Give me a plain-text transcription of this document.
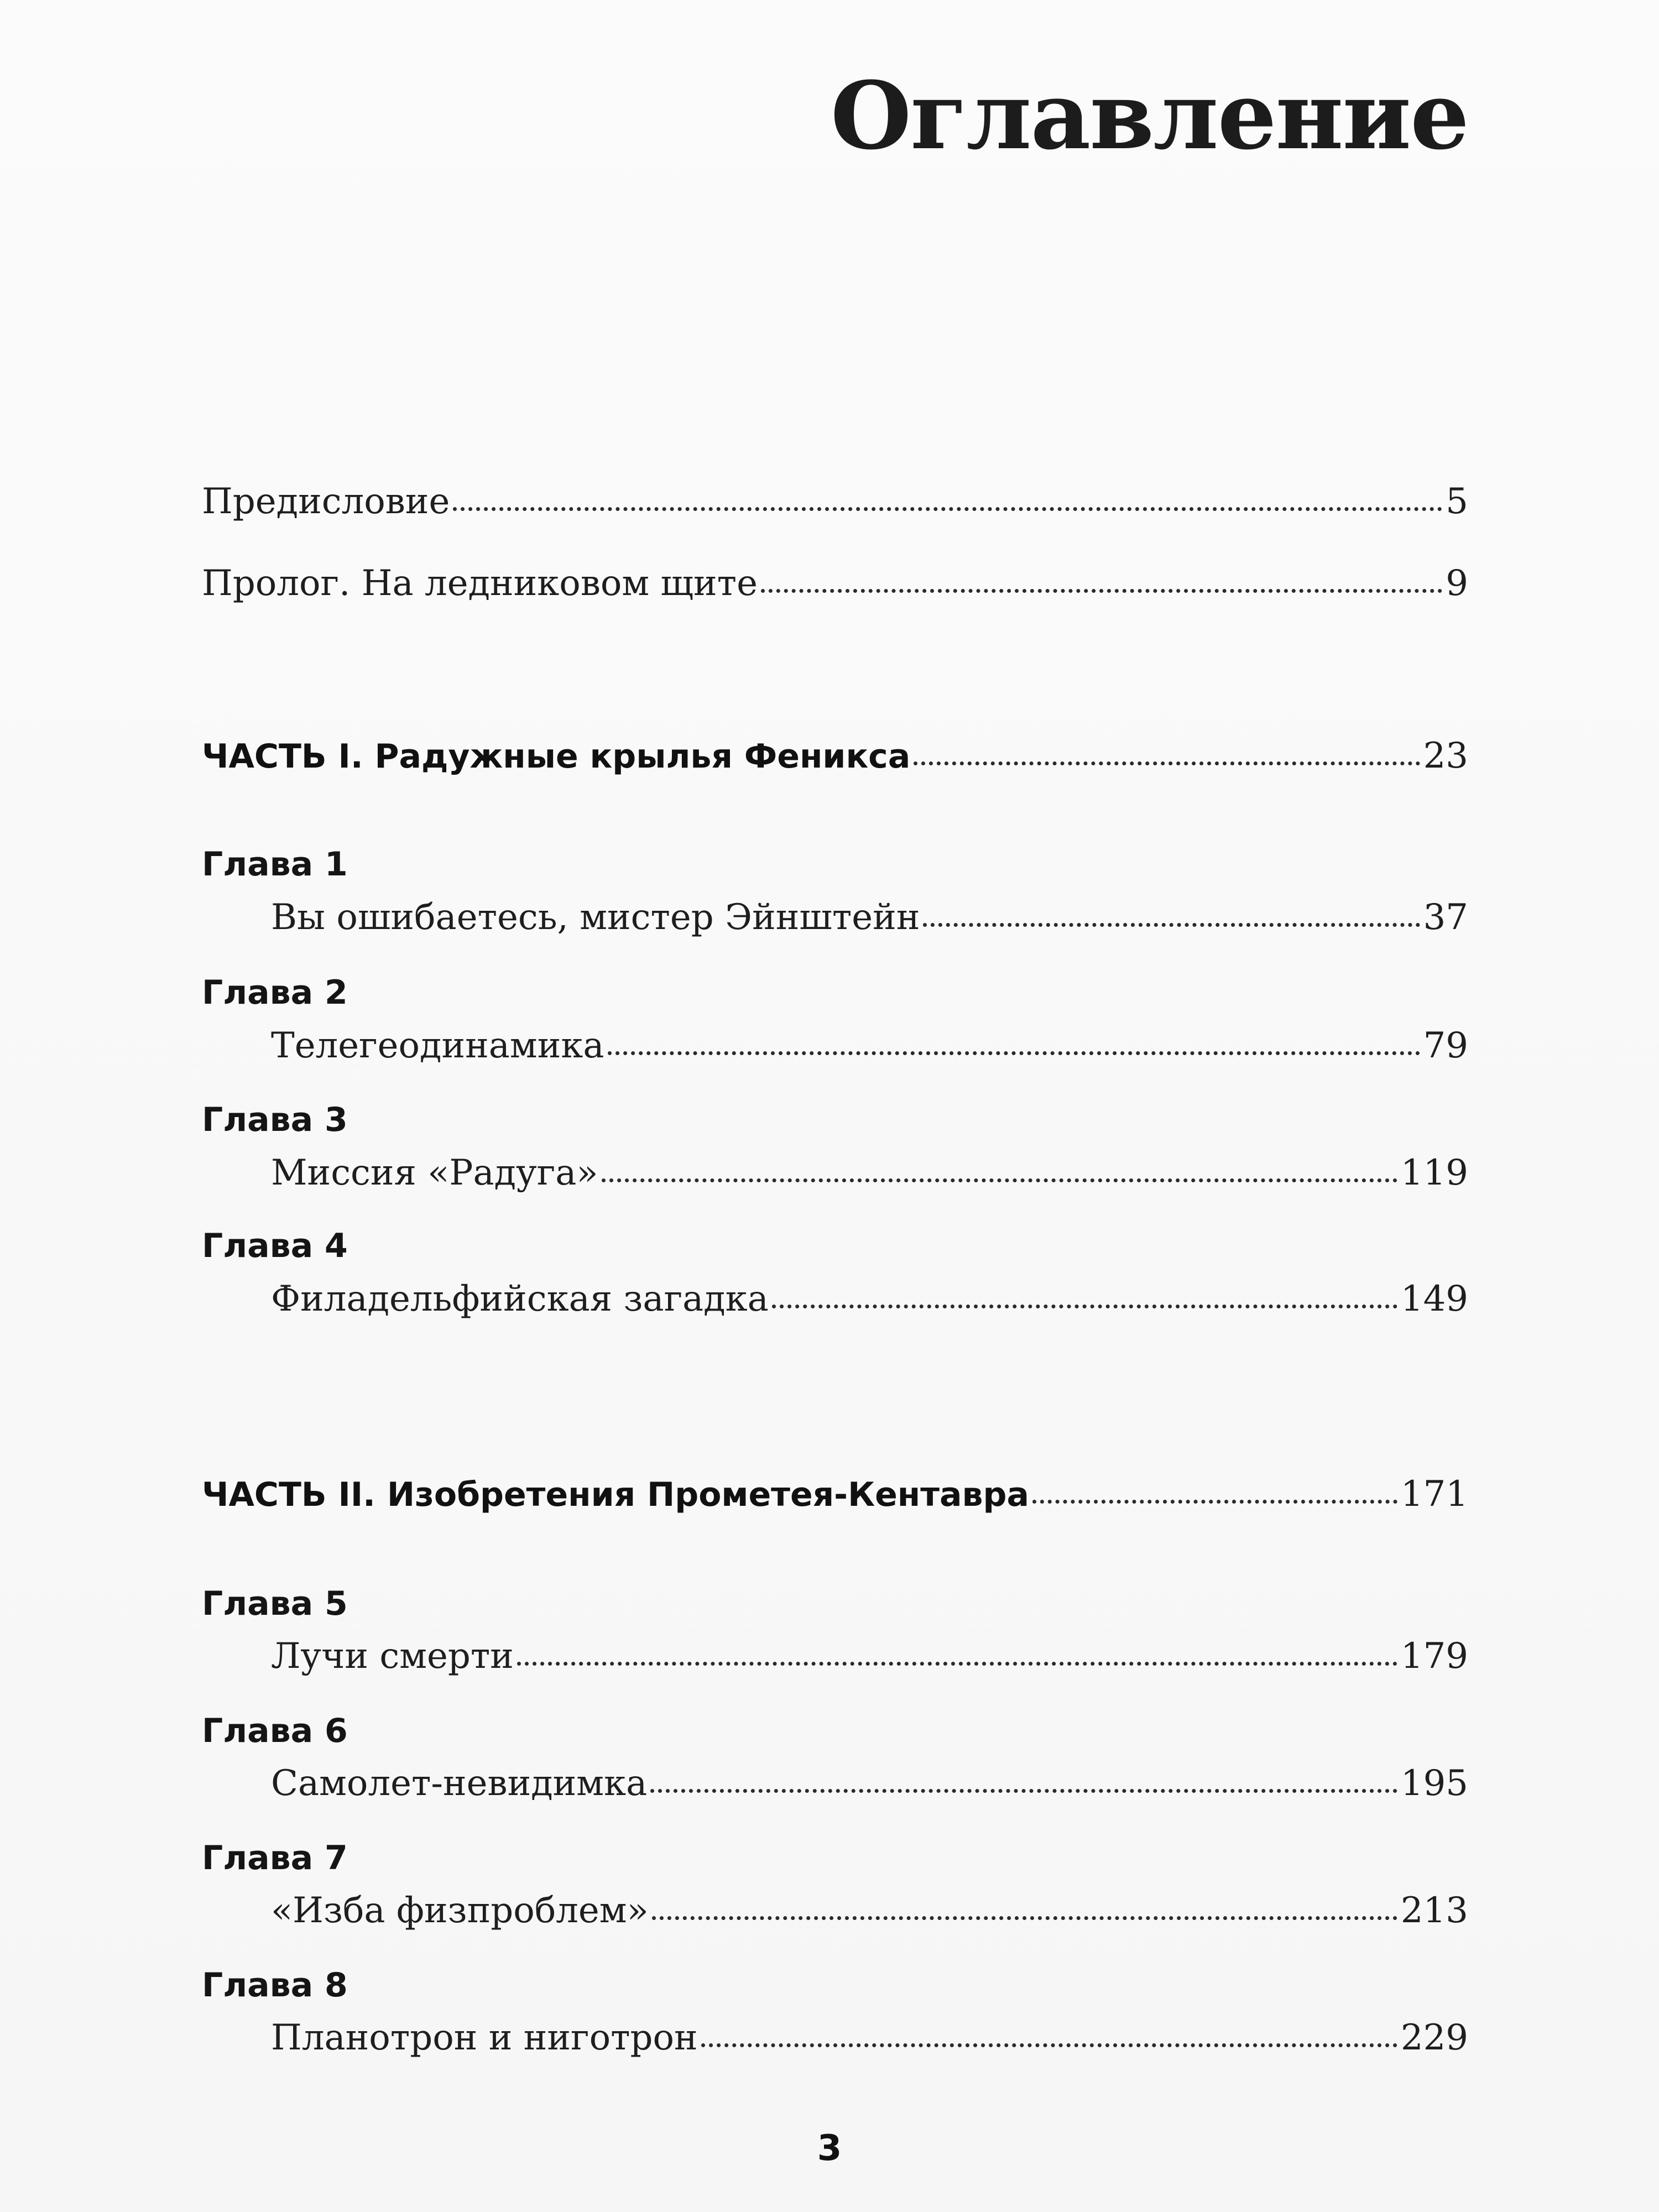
Оглавление
Предисловие	5
Пролог. На ледниковом щите	9
ЧАСТЬ I. Радужные крылья Феникса	23
Глава 1
Вы ошибаетесь, мистер Эйнштейн	37
Глава 2
Телегеодинамика	79
Глава 3
Миссия «Радуга»	119
Глава 4
Филадельфийская загадка	149
ЧАСТЬ II. Изобретения Прометея-Кентавра	171
Глава 5
Лучи смерти	179
Глава 6
Самолет-невидимка	195
Глава 7
«Изба физпроблем»	213
Глава 8
Планотрон и ниготрон	229
3
